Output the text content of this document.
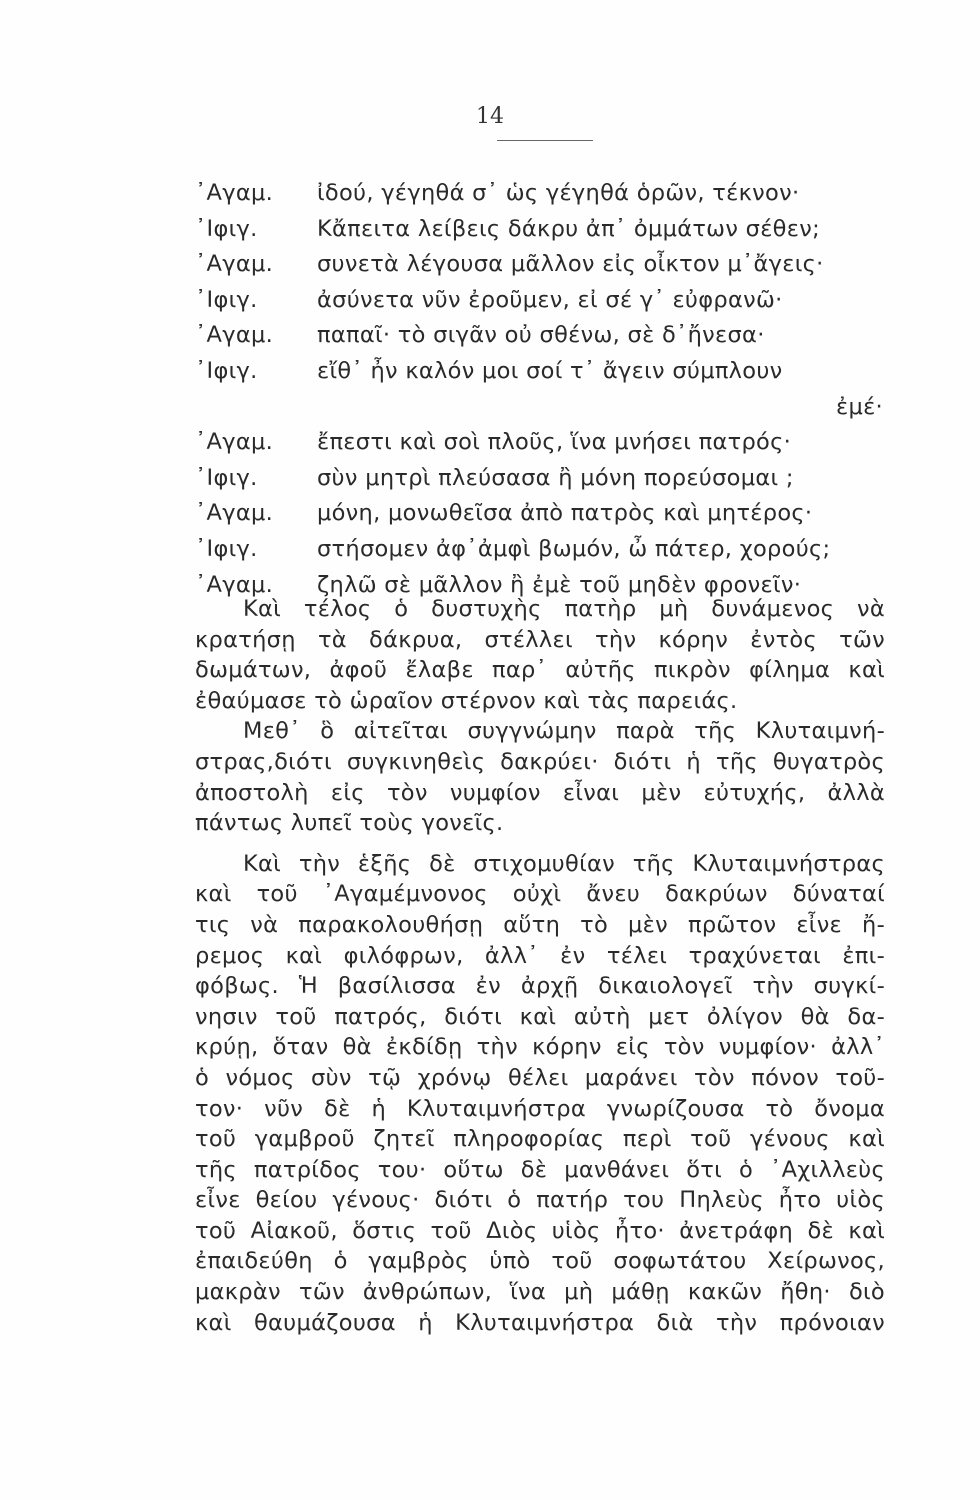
14
᾿Αγαμ.	ἰδού, γέγηθά σ᾿ ὡς γέγηθά ὁρῶν, τέκνον·
᾿Ιφιγ.	Κἄπειτα λείβεις δάκρυ ἀπ᾿ ὀμμάτων σέθεν;
᾿Αγαμ.	συνετὰ λέγουσα μᾶλλον εἰς οἶκτον μ᾿ἄγεις·
᾿Ιφιγ.	ἀσύνετα νῦν ἐροῦμεν, εἰ σέ γ᾿ εὐφρανῶ·
᾿Αγαμ.	παπαῖ· τὸ σιγᾶν οὐ σθένω, σὲ δ᾿ἤνεσα·
᾿Ιφιγ.	εἴθ᾿ ἦν καλόν μοι σοί τ᾿ ἄγειν σύμπλουν
ἐμέ·
᾿Αγαμ.	ἔπεστι καὶ σοὶ πλοῦς, ἵνα μνήσει πατρός·
᾿Ιφιγ.	σὺν μητρὶ πλεύσασα ἢ μόνη πορεύσομαι ;
᾿Αγαμ.	μόνη, μονωθεῖσα ἀπὸ πατρὸς καὶ μητέρος·
᾿Ιφιγ.	στήσομεν ἀφ᾿ἀμφὶ βωμόν, ὦ πάτερ, χορούς;
᾿Αγαμ.	ζηλῶ σὲ μᾶλλον ἢ ἐμὲ τοῦ μηδὲν φρονεῖν·
Καὶ τέλος ὁ δυστυχὴς πατὴρ μὴ δυνάμενος νὰ
κρατήσῃ τὰ δάκρυα, στέλλει τὴν κόρην ἐντὸς τῶν
δωμάτων, ἀφοῦ ἔλαβε παρ᾿ αὐτῆς πικρὸν φίλημα καὶ
ἐθαύμασε τὸ ὡραῖον στέρνον καὶ τὰς παρειάς.
Μεθ᾿ ὃ αἰτεῖται συγγνώμην παρὰ τῆς Κλυταιμνή-
στρας,διότι συγκινηθεὶς δακρύει· διότι ἡ τῆς θυγατρὸς
ἀποστολὴ εἰς τὸν νυμφίον εἶναι μὲν εὐτυχής, ἀλλὰ
πάντως λυπεῖ τοὺς γονεῖς.
Καὶ τὴν ἑξῆς δὲ στιχομυθίαν τῆς Κλυταιμνήστρας
καὶ τοῦ ᾿Αγαμέμνονος οὐχὶ ἄνευ δακρύων δύναταί
τις νὰ παρακολουθήσῃ αὕτη τὸ μὲν πρῶτον εἶνε ἤ-
ρεμος καὶ φιλόφρων, ἀλλ᾿ ἐν τέλει τραχύνεται ἐπι-
φόβως. Ἡ βασίλισσα ἐν ἀρχῇ δικαιολογεῖ τὴν συγκί-
νησιν τοῦ πατρός, διότι καὶ αὐτὴ μετ ὀλίγον θὰ δα-
κρύῃ, ὅταν θὰ ἐκδίδῃ τὴν κόρην εἰς τὸν νυμφίον· ἀλλ᾿
ὁ νόμος σὺν τῷ χρόνῳ θέλει μαράνει τὸν πόνον τοῦ-
τον· νῦν δὲ ἡ Κλυταιμνήστρα γνωρίζουσα τὸ ὄνομα
τοῦ γαμβροῦ ζητεῖ πληροφορίας περὶ τοῦ γένους καὶ
τῆς πατρίδος του· οὕτω δὲ μανθάνει ὅτι ὁ ᾿Αχιλλεὺς
εἶνε θείου γένους· διότι ὁ πατήρ του Πηλεὺς ἦτο υἱὸς
τοῦ Αἰακοῦ, ὅστις τοῦ Διὸς υἱὸς ἦτο· ἀνετράφη δὲ καὶ
ἐπαιδεύθη ὁ γαμβρὸς ὑπὸ τοῦ σοφωτάτου Χείρωνος,
μακρὰν τῶν ἀνθρώπων, ἵνα μὴ μάθῃ κακῶν ἤθη· διὸ
καὶ θαυμάζουσα ἡ Κλυταιμνήστρα διὰ τὴν πρόνοιαν
